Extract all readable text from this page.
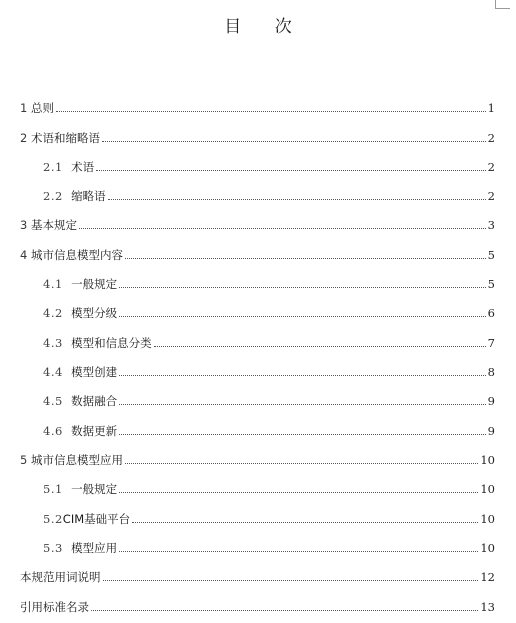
目 次
1 总则	1
2 术语和缩略语	2
2.1 术语	2
2.2 缩略语	2
3 基本规定	3
4 城市信息模型内容	5
4.1 一般规定	5
4.2 模型分级	6
4.3 模型和信息分类	7
4.4 模型创建	8
4.5 数据融合	9
4.6 数据更新	9
5 城市信息模型应用	10
5.1 一般规定	10
5.2 CIM基础平台	10
5.3 模型应用	10
本规范用词说明	12
引用标准名录	13
